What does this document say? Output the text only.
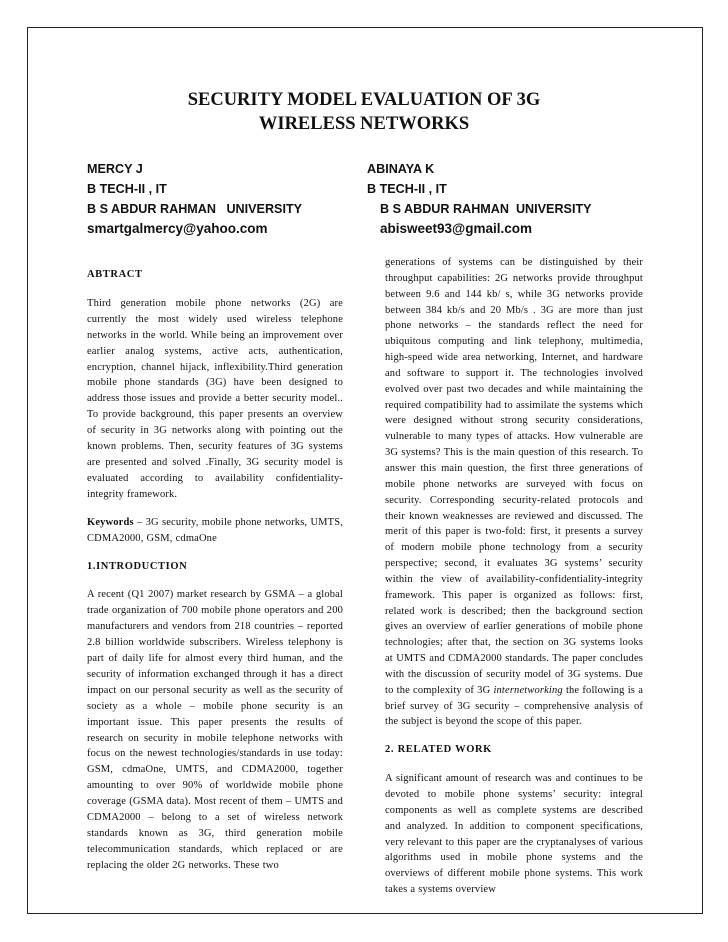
SECURITY MODEL EVALUATION OF 3G
WIRELESS NETWORKS
MERCY J
B TECH-II , IT
B S ABDUR RAHMAN   UNIVERSITY
smartgalmercy@yahoo.com
ABINAYA K
B TECH-II , IT
B S ABDUR RAHMAN  UNIVERSITY
abisweet93@gmail.com
ABTRACT

Third generation mobile phone networks (2G) are currently the most widely used wireless telephone networks in the world. While being an improvement over earlier analog systems, active acts, authentication, encryption, channel hijack, inflexibility.Third generation mobile phone standards (3G) have been designed to address those issues and provide a better security model.. To provide background, this paper presents an overview of security in 3G networks along with pointing out the known problems. Then, security features of 3G systems are presented and solved .Finally, 3G security model is evaluated according to availability confidentiality- integrity framework.

Keywords – 3G security, mobile phone networks, UMTS, CDMA2000, GSM, cdmaOne

1.INTRODUCTION

A recent (Q1 2007) market research by GSMA – a global trade organization of 700 mobile phone operators and 200 manufacturers and vendors from 218 countries – reported 2.8 billion worldwide subscribers. Wireless telephony is part of daily life for almost every third human, and the security of information exchanged through it has a direct impact on our personal security as well as the security of society as a whole – mobile phone security is an important issue. This paper presents the results of research on security in mobile telephone networks with focus on the newest technologies/standards in use today: GSM, cdmaOne, UMTS, and CDMA2000, together amounting to over 90% of worldwide mobile phone coverage (GSMA data). Most recent of them – UMTS and CDMA2000 – belong to a set of wireless network standards known as 3G, third generation mobile telecommunication standards, which replaced or are replacing the older 2G networks. These two

generations of systems can be distinguished by their throughput capabilities: 2G networks provide throughput between 9.6 and 144 kb/ s, while 3G networks provide between 384 kb/s and 20 Mb/s . 3G are more than just phone networks – the standards reflect the need for ubiquitous computing and link telephony, multimedia, high-speed wide area networking, Internet, and hardware and software to support it. The technologies involved evolved over past two decades and while maintaining the required compatibility had to assimilate the systems which were designed without strong security considerations, vulnerable to many types of attacks. How vulnerable are 3G systems? This is the main question of this research. To answer this main question, the first three generations of mobile phone networks are surveyed with focus on security. Corresponding security-related protocols and their known weaknesses are reviewed and discussed. The merit of this paper is two-fold: first, it presents a survey of modern mobile phone technology from a security perspective; second, it evaluates 3G systems’ security within the view of availability-confidentiality-integrity framework. This paper is organized as follows: first, related work is described; then the background section gives an overview of earlier generations of mobile phone technologies; after that, the section on 3G systems looks at UMTS and CDMA2000 standards. The paper concludes with the discussion of security model of 3G systems. Due to the complexity of 3G internetworking the following is a brief survey of 3G security – comprehensive analysis of the subject is beyond the scope of this paper.

2. RELATED WORK

A significant amount of research was and continues to be devoted to mobile phone systems’ security: integral components as well as complete systems are described and analyzed. In addition to component specifications, very relevant to this paper are the cryptanalyses of various algorithms used in mobile phone systems and the overviews of different mobile phone systems. This work takes a systems overview
